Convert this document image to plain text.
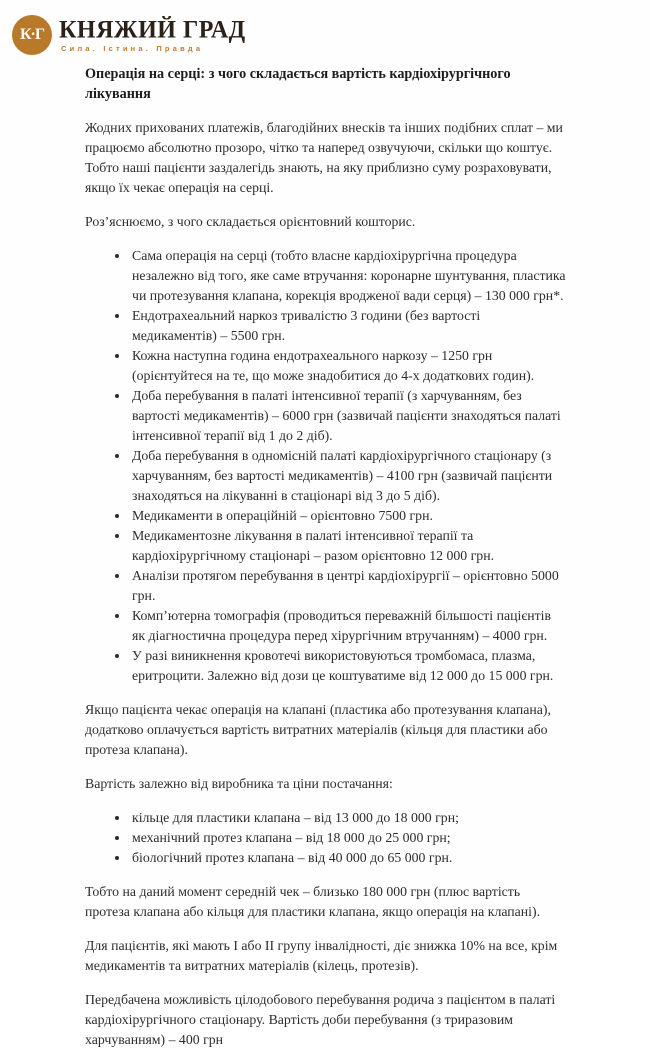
К·Г КНЯЖИЙ ГРАД
Сила. Істина. Правда
Операція на серці: з чого складається вартість кардіохірургічного лікування

Жодних прихованих платежів, благодійних внесків та інших подібних сплат – ми працюємо абсолютно прозоро, чітко та наперед озвучуючи, скільки що коштує. Тобто наші пацієнти заздалегідь знають, на яку приблизно суму розраховувати, якщо їх чекає операція на серці.

Роз’яснюємо, з чого складається орієнтовний кошторис.

• Сама операція на серці (тобто власне кардіохірургічна процедура незалежно від того, яке саме втручання: коронарне шунтування, пластика чи протезування клапана, корекція вродженої вади серця) – 130 000 грн*.
• Ендотрахеальний наркоз тривалістю 3 години (без вартості медикаментів) – 5500 грн.
• Кожна наступна година ендотрахеального наркозу – 1250 грн (орієнтуйтеся на те, що може знадобитися до 4-х додаткових годин).
• Доба перебування в палаті інтенсивної терапії (з харчуванням, без вартості медикаментів) – 6000 грн (зазвичай пацієнти знаходяться палаті інтенсивної терапії від 1 до 2 діб).
• Доба перебування в одномісній палаті кардіохірургічного стаціонару (з харчуванням, без вартості медикаментів) – 4100 грн (зазвичай пацієнти знаходяться на лікуванні в стаціонарі від 3 до 5 діб).
• Медикаменти в операційній – орієнтовно 7500 грн.
• Медикаментозне лікування в палаті інтенсивної терапії та кардіохірургічному стаціонарі – разом орієнтовно 12 000 грн.
• Аналізи протягом перебування в центрі кардіохірургії – орієнтовно 5000 грн.
• Комп’ютерна томографія (проводиться переважній більшості пацієнтів як діагностична процедура перед хірургічним втручанням) – 4000 грн.
• У разі виникнення кровотечі використовуються тромбомаса, плазма, еритроцити. Залежно від дози це коштуватиме від 12 000 до 15 000 грн.

Якщо пацієнта чекає операція на клапані (пластика або протезування клапана), додатково оплачується вартість витратних матеріалів (кільця для пластики або протеза клапана).

Вартість залежно від виробника та ціни постачання:

• кільце для пластики клапана – від 13 000 до 18 000 грн;
• механічний протез клапана – від 18 000 до 25 000 грн;
• біологічний протез клапана – від 40 000 до 65 000 грн.

Тобто на даний момент середній чек – близько 180 000 грн (плюс вартість протеза клапана або кільця для пластики клапана, якщо операція на клапані).

Для пацієнтів, які мають I або II групу інвалідності, діє знижка 10% на все, крім медикаментів та витратних матеріалів (кілець, протезів).

Передбачена можливість цілодобового перебування родича з пацієнтом в палаті кардіохірургічного стаціонару. Вартість доби перебування (з триразовим харчуванням) – 400 грн
